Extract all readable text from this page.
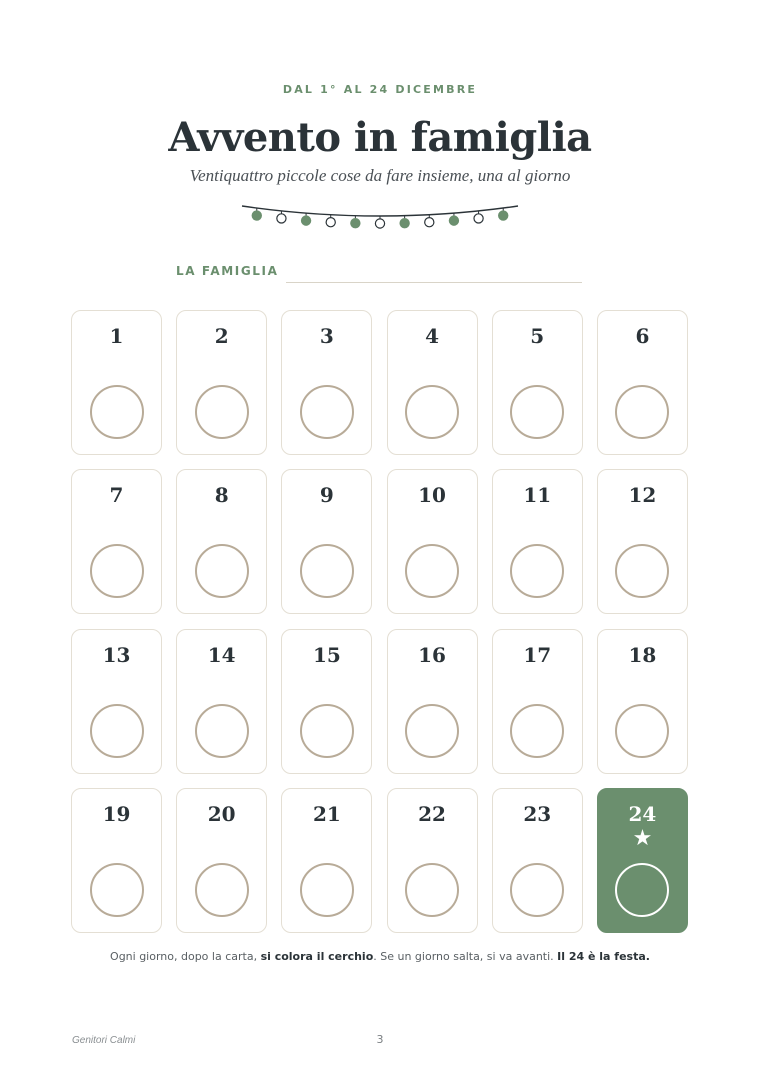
DAL 1° AL 24 DICEMBRE
Avvento in famiglia
Ventiquattro piccole cose da fare insieme, una al giorno
LA FAMIGLIA
1	2	3	4	5	6
7	8	9	10	11	12
13	14	15	16	17	18
19	20	21	22	23	24
★
Ogni giorno, dopo la carta, si colora il cerchio. Se un giorno salta, si va avanti. Il 24 è la festa.
Genitori Calmi	3
